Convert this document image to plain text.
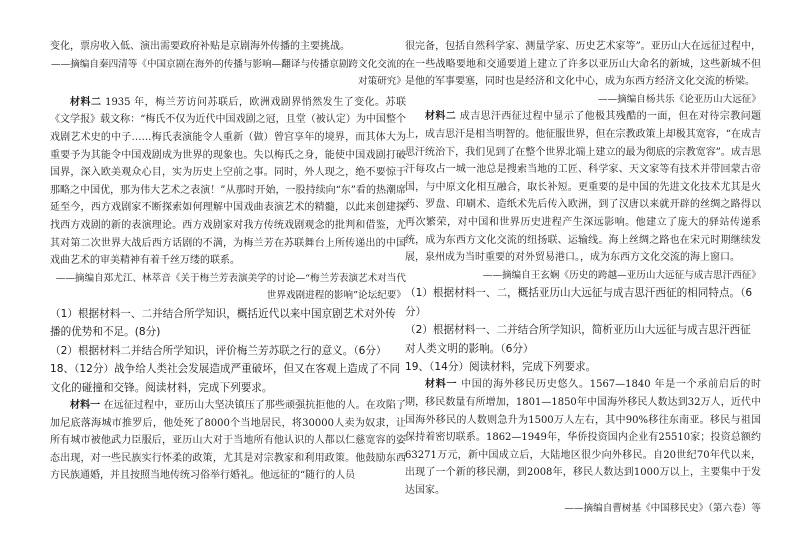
变化，票房收入低、演出需要政府补贴是京剧海外传播的主要挑战。

——摘编自秦四清等《中国京剧在海外的传播与影响—翻译与传播京剧跨文化交流的对策研究》

材料二 1935 年，梅兰芳访问苏联后，欧洲戏剧界悄然发生了变化。苏联《文学报》载文称：“梅氏不仅为近代中国戏剧之冠，且堂（被认定）为中国整个戏剧艺术史的中子……梅氏表演能令人重新（做）曾宫享年的境界，而其体大为重要予为其能令中国戏剧成为世界的现象也。失以梅氏之身，能使中国戏剧打破国界，深入欧美观众心目，实为历史上空前之事。同时，外人现之，绝不要惊于那略之中国优，那为伟大艺术之表演！”从那时开始，一股持续向“东”看的热潮席延至今，西方戏剧家不断探索如何理解中国戏曲表演艺术的精髓，以此来创建探找西方戏剧的新的表演理论。西方戏剧家对我方传统戏剧观念的批判和借鉴，尤其对第二次世界大战后西方话剧的不满，为梅兰芳在苏联舞台上所传递出的中国戏曲艺术的审美精神有着千丝万缕的联系。

——摘编自郑尤江、林萃音《关于梅兰芳表演美学的讨论—“梅兰芳表演艺术对当代世界戏剧进程的影响”论坛纪要》

（1）根据材料一、二并结合所学知识，概括近代以来中国京剧艺术对外传播的优势和不足。(8分)

（2）根据材料二并结合所学知识，评价梅兰芳苏联之行的意义。（6分）

18、（12分）战争给人类社会发展造成严重破坏，但又在客观上造成了不同文化的碰撞和交锋。阅读材料，完成下列要求。

材料一 在远征过程中，亚历山大坚决镇压了那些顽强抗拒他的人。在攻陷了加尼底落海城市推罗后，他处死了8000个当地居民，将30000人卖为奴隶，让所有城市被他武力臣服后，亚历山大对于当地所有他认识的人都以仁慈宽容的姿态出现，对一些民族实行怀柔的政策，尤其是对宗教家和利用政策。他鼓励东西方民族通婚，并且按照当地传统习俗举行婚礼。他远征的“随行的人员

很完备，包括自然科学家、测量学家、历史艺术家等”。亚历山大在远征过程中，在一些战略要地和交通要道上建立了许多以亚历山大命名的新城，这些新城不但是他的军事要塞，同时也是经济和文化中心，成为东西方经济文化交流的桥梁。

——摘编自杨共乐《论亚历山大远征》

材料二 成吉思汗西征过程中显示了他极其残酷的一面，但在对待宗教问题上，成吉思汗是相当明智的。他征服世界，但在宗教政策上却极其宽容，“在成吉思汗统治下，我们见到了在整个世界北端上建立的最为彻底的宗教宽容”。成吉思汗每攻占一城一池总是搜索当地的工匠、科学家、天文家等有技术并带回蒙古帝国，与中原文化相互融合，取长补短。更重要的是中国的先进文化技术尤其是火药、罗盘、印刷术、造纸术先后传入欧洲，到了汉唐以来就开辟的丝绸之路得以再次繁荣，对中国和世界历史进程产生深远影响。他建立了庞大的驿站传递系统，成为东西方文化交流的纽扬联、运输线。海上丝绸之路也在宋元时期继续发展，泉州成为当时重要的对外贸易港口。，成为东西方文化交流的海上窗口。

——摘编自王玄娴《历史的跨越—亚历山大远征与成吉思汗西征》

（1）根据材料一、二，概括亚历山大远征与成吉思汗西征的相同特点。（6分）

（2）根据材料一、二并结合所学知识，简析亚历山大远征与成吉思汗西征对人类文明的影响。（6分）

19、（14分）阅读材料，完成下列要求。

材料一 中国的海外移民历史悠久。1567—1840 年是一个承前启后的时期，移民数量有所增加，1801—1850年中国海外移民人数达到32万人，近代中国海外移民的人数则急升为1500万人左右，其中90%移往东南亚。移民与祖国保持着密切联系。1862—1949年，华侨投资国内企业有25510家；投资总额约63271万元，新中国成立后，大陆地区很少向外移民。自20世纪70年代以来，出现了一个新的移民潮，到2008年，移民人数达到1000万以上，主要集中于发达国家。

——摘编自曹树基《中国移民史》（第六卷）等
